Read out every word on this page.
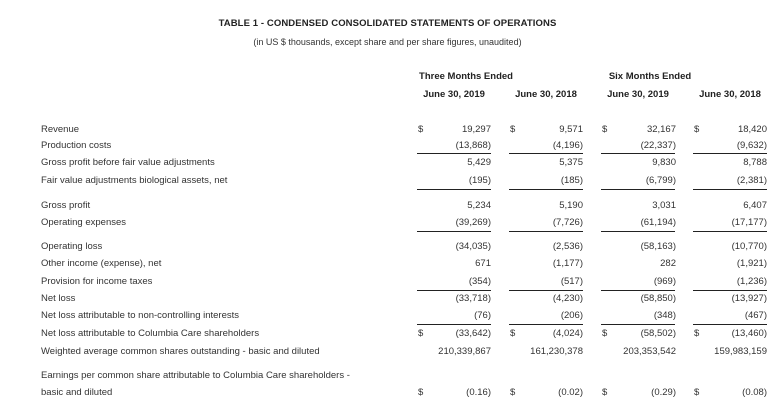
TABLE 1 - CONDENSED CONSOLIDATED STATEMENTS OF OPERATIONS
(in US $ thousands, except share and per share figures, unaudited)
Three Months Ended	Six Months Ended
June 30, 2019	June 30, 2018	June 30, 2019	June 30, 2018
Revenue	$	19,297 $	9,571 $	32,167 $	18,420
Production costs	(13,868)	(4,196)	(22,337)	(9,632)
Gross profit before fair value adjustments	5,429	5,375	9,830	8,788
Fair value adjustments biological assets, net	(195)	(185)	(6,799)	(2,381)
Gross profit	5,234	5,190	3,031	6,407
Operating expenses	(39,269)	(7,726)	(61,194)	(17,177)
Operating loss	(34,035)	(2,536)	(58,163)	(10,770)
Other income (expense), net	671	(1,177)	282	(1,921)
Provision for income taxes	(354)	(517)	(969)	(1,236)
Net loss	(33,718)	(4,230)	(58,850)	(13,927)
Net loss attributable to non-controlling interests	(76)	(206)	(348)	(467)
Net loss attributable to Columbia Care shareholders	$	(33,642) $	(4,024) $	(58,502) $	(13,460)
Weighted average common shares outstanding - basic and diluted	210,339,867	161,230,378	203,353,542	159,983,159
Earnings per common share attributable to Columbia Care shareholders -
basic and diluted	$	(0.16) $	(0.02) $	(0.29) $	(0.08)
